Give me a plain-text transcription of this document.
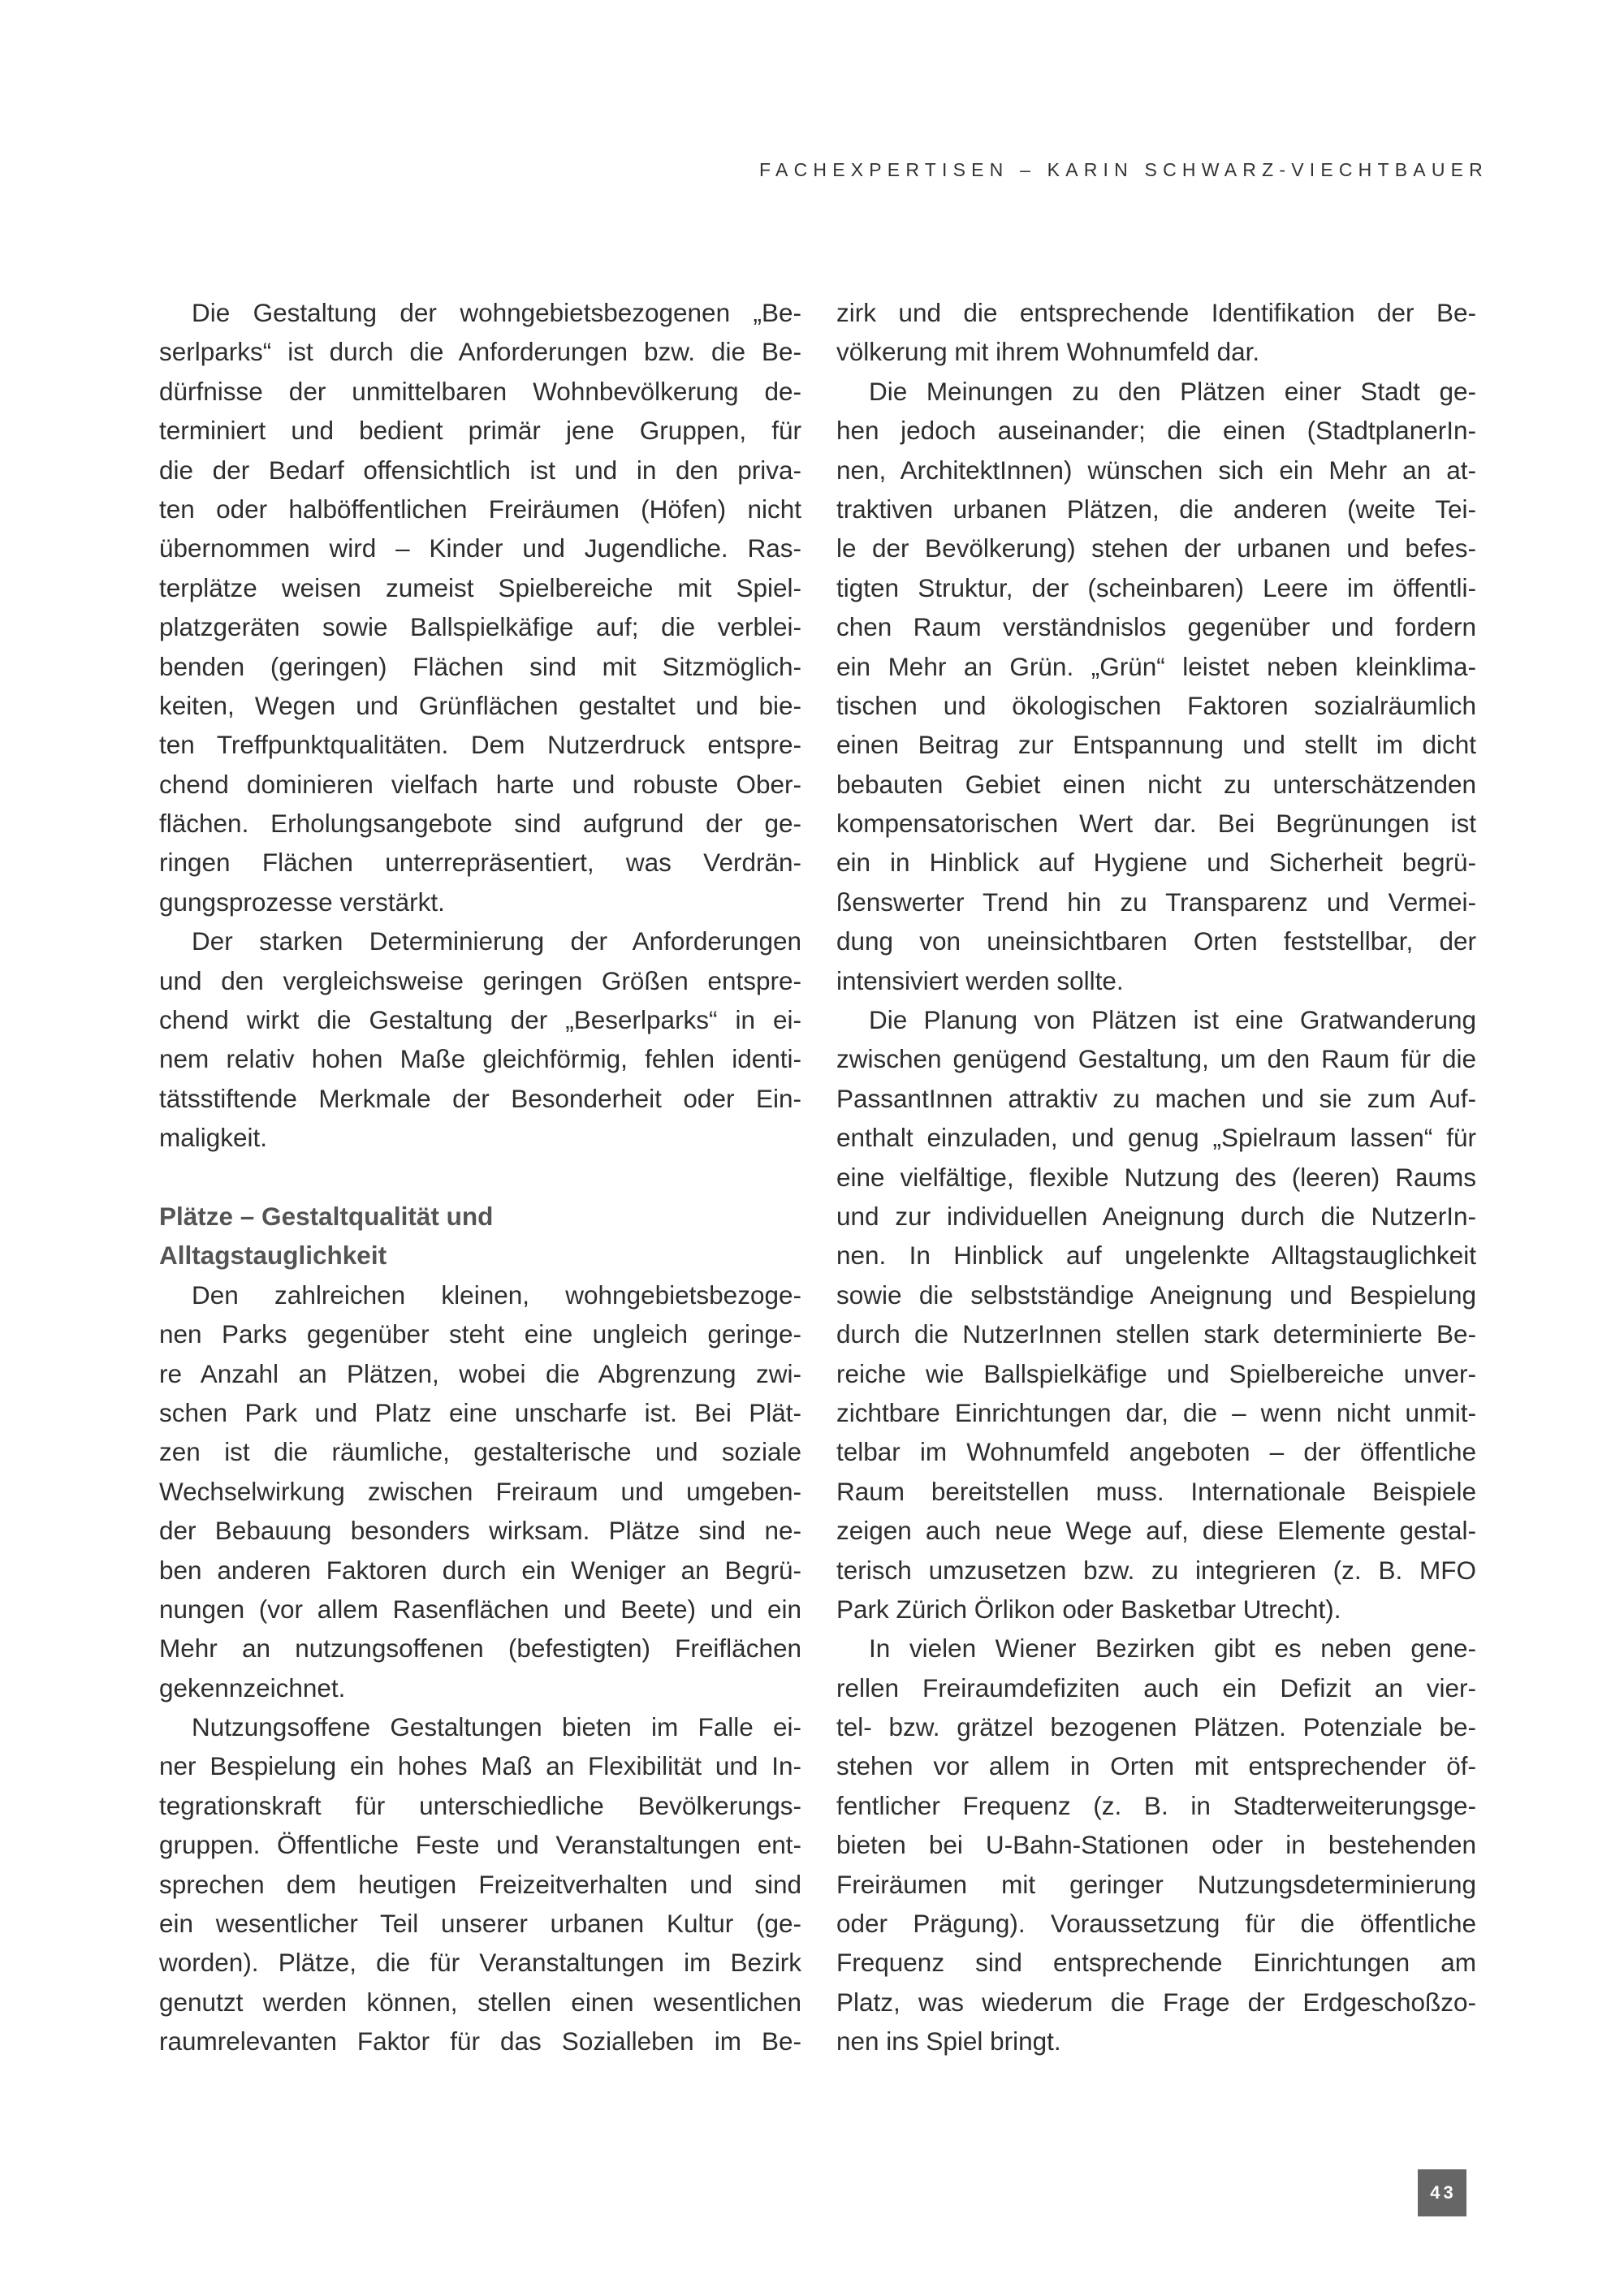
FACHEXPERTISEN – KARIN SCHWARZ-VIECHTBAUER
Die Gestaltung der wohngebietsbezogenen „Be-
serlparks“ ist durch die Anforderungen bzw. die Be-
dürfnisse der unmittelbaren Wohnbevölkerung de-
terminiert und bedient primär jene Gruppen, für
die der Bedarf offensichtlich ist und in den priva-
ten oder halböffentlichen Freiräumen (Höfen) nicht
übernommen wird – Kinder und Jugendliche. Ras-
terplätze weisen zumeist Spielbereiche mit Spiel-
platzgeräten sowie Ballspielkäfige auf; die verblei-
benden (geringen) Flächen sind mit Sitzmöglich-
keiten, Wegen und Grünflächen gestaltet und bie-
ten Treffpunktqualitäten. Dem Nutzerdruck entspre-
chend dominieren vielfach harte und robuste Ober-
flächen. Erholungsangebote sind aufgrund der ge-
ringen Flächen unterrepräsentiert, was Verdrän-
gungsprozesse verstärkt.
Der starken Determinierung der Anforderungen
und den vergleichsweise geringen Größen entspre-
chend wirkt die Gestaltung der „Beserlparks“ in ei-
nem relativ hohen Maße gleichförmig, fehlen identi-
tätsstiftende Merkmale der Besonderheit oder Ein-
maligkeit.
Plätze – Gestaltqualität und
Alltagstauglichkeit
Den zahlreichen kleinen, wohngebietsbezoge-
nen Parks gegenüber steht eine ungleich geringe-
re Anzahl an Plätzen, wobei die Abgrenzung zwi-
schen Park und Platz eine unscharfe ist. Bei Plät-
zen ist die räumliche, gestalterische und soziale
Wechselwirkung zwischen Freiraum und umgeben-
der Bebauung besonders wirksam. Plätze sind ne-
ben anderen Faktoren durch ein Weniger an Begrü-
nungen (vor allem Rasenflächen und Beete) und ein
Mehr an nutzungsoffenen (befestigten) Freiflächen
gekennzeichnet.
Nutzungsoffene Gestaltungen bieten im Falle ei-
ner Bespielung ein hohes Maß an Flexibilität und In-
tegrationskraft für unterschiedliche Bevölkerungs-
gruppen. Öffentliche Feste und Veranstaltungen ent-
sprechen dem heutigen Freizeitverhalten und sind
ein wesentlicher Teil unserer urbanen Kultur (ge-
worden). Plätze, die für Veranstaltungen im Bezirk
genutzt werden können, stellen einen wesentlichen
raumrelevanten Faktor für das Sozialleben im Be-
zirk und die entsprechende Identifikation der Be-
völkerung mit ihrem Wohnumfeld dar.
Die Meinungen zu den Plätzen einer Stadt ge-
hen jedoch auseinander; die einen (StadtplanerIn-
nen, ArchitektInnen) wünschen sich ein Mehr an at-
traktiven urbanen Plätzen, die anderen (weite Tei-
le der Bevölkerung) stehen der urbanen und befes-
tigten Struktur, der (scheinbaren) Leere im öffentli-
chen Raum verständnislos gegenüber und fordern
ein Mehr an Grün. „Grün“ leistet neben kleinklima-
tischen und ökologischen Faktoren sozialräumlich
einen Beitrag zur Entspannung und stellt im dicht
bebauten Gebiet einen nicht zu unterschätzenden
kompensatorischen Wert dar. Bei Begrünungen ist
ein in Hinblick auf Hygiene und Sicherheit begrü-
ßenswerter Trend hin zu Transparenz und Vermei-
dung von uneinsichtbaren Orten feststellbar, der
intensiviert werden sollte.
Die Planung von Plätzen ist eine Gratwanderung
zwischen genügend Gestaltung, um den Raum für die
PassantInnen attraktiv zu machen und sie zum Auf-
enthalt einzuladen, und genug „Spielraum lassen“ für
eine vielfältige, flexible Nutzung des (leeren) Raums
und zur individuellen Aneignung durch die NutzerIn-
nen. In Hinblick auf ungelenkte Alltagstauglichkeit
sowie die selbstständige Aneignung und Bespielung
durch die NutzerInnen stellen stark determinierte Be-
reiche wie Ballspielkäfige und Spielbereiche unver-
zichtbare Einrichtungen dar, die – wenn nicht unmit-
telbar im Wohnumfeld angeboten – der öffentliche
Raum bereitstellen muss. Internationale Beispiele
zeigen auch neue Wege auf, diese Elemente gestal-
terisch umzusetzen bzw. zu integrieren (z. B. MFO
Park Zürich Örlikon oder Basketbar Utrecht).
In vielen Wiener Bezirken gibt es neben gene-
rellen Freiraumdefiziten auch ein Defizit an vier-
tel- bzw. grätzel bezogenen Plätzen. Potenziale be-
stehen vor allem in Orten mit entsprechender öf-
fentlicher Frequenz (z. B. in Stadterweiterungsge-
bieten bei U-Bahn-Stationen oder in bestehenden
Freiräumen mit geringer Nutzungsdeterminierung
oder Prägung). Voraussetzung für die öffentliche
Frequenz sind entsprechende Einrichtungen am
Platz, was wiederum die Frage der Erdgeschoßzo-
nen ins Spiel bringt.
43
